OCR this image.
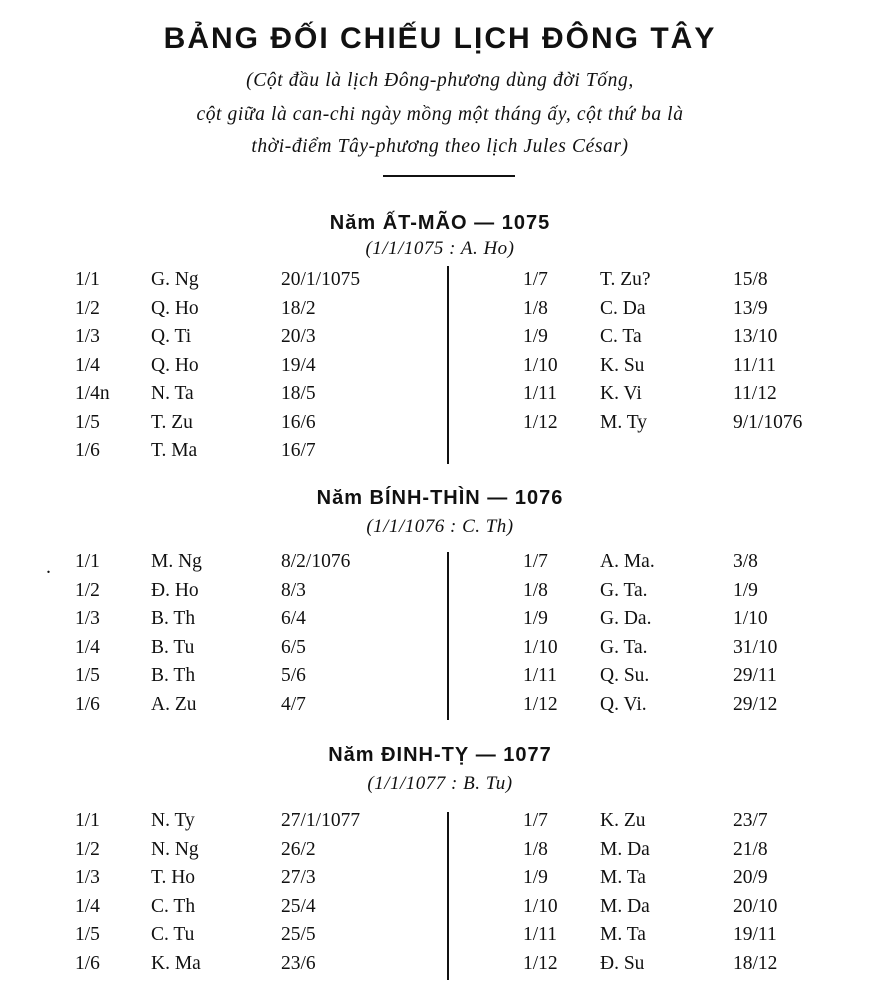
BẢNG ĐỐI CHIẾU LỊCH ĐÔNG TÂY
(Cột đầu là lịch Đông-phương dùng đời Tống,
cột giữa là can-chi ngày mồng một tháng ấy, cột thứ ba là
thời-điểm Tây-phương theo lịch Jules César)
Năm ẤT-MÃO — 1075
(1/1/1075 : A. Ho)
1/1	G. Ng	20/1/1075
1/2	Q. Ho	18/2
1/3	Q. Ti	20/3
1/4	Q. Ho	19/4
1/4n N. Ta	18/5
1/5	T. Zu	16/6
1/6	T. Ma	16/7
1/7	T. Zu?	15/8
1/8	C. Da	13/9
1/9	C. Ta	13/10
1/10 K. Su	11/11
1/11 K. Vi	11/12
1/12 M. Ty	9/1/1076
Năm BÍNH-THÌN — 1076
(1/1/1076 : C. Th)
1/1	M. Ng	8/2/1076
1/2	Đ. Ho	8/3
1/3	B. Th	6/4
1/4	B. Tu	6/5
1/5	B. Th	5/6
1/6	A. Zu	4/7
1/7	A. Ma.	3/8
1/8	G. Ta.	1/9
1/9	G. Da.	1/10
1/10 G. Ta.	31/10
1/11 Q. Su.	29/11
1/12 Q. Vi.	29/12
Năm ĐINH-TỴ — 1077
(1/1/1077 : B. Tu)
1/1	N. Ty	27/1/1077
1/2	N. Ng	26/2
1/3	T. Ho	27/3
1/4	C. Th	25/4
1/5	C. Tu	25/5
1/6	K. Ma	23/6
1/7	K. Zu	23/7
1/8	M. Da	21/8
1/9	M. Ta	20/9
1/10 M. Da	20/10
1/11 M. Ta	19/11
1/12 Đ. Su	18/12
.
